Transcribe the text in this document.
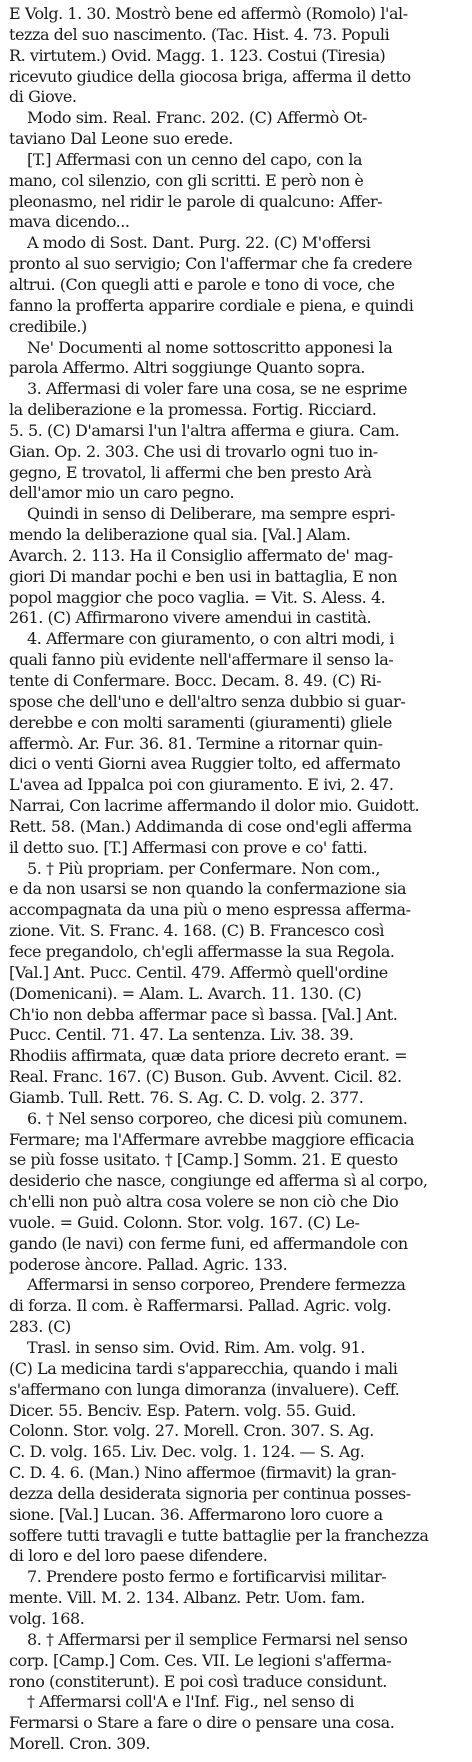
E Volg. 1. 30. Mostrò bene ed affermò (Romolo) l'al-
tezza del suo nascimento. (Tac. Hist. 4. 73. Populi
R. virtutem.) Ovid. Magg. 1. 123. Costui (Tiresia)
ricevuto giudice della giocosa briga, afferma il detto
di Giove.
Modo sim. Real. Franc. 202. (C) Affermò Ot-
taviano Dal Leone suo erede.
[T.] Affermasi con un cenno del capo, con la
mano, col silenzio, con gli scritti. E però non è
pleonasmo, nel ridir le parole di qualcuno: Affer-
mava dicendo...
A modo di Sost. Dant. Purg. 22. (C) M'offersi
pronto al suo servigio; Con l'affermar che fa credere
altrui. (Con quegli atti e parole e tono di voce, che
fanno la profferta apparire cordiale e piena, e quindi
credibile.)
Ne' Documenti al nome sottoscritto apponesi la
parola Affermo. Altri soggiunge Quanto sopra.
3. Affermasi di voler fare una cosa, se ne esprime
la deliberazione e la promessa. Fortig. Ricciard.
5. 5. (C) D'amarsi l'un l'altra afferma e giura. Cam.
Gian. Op. 2. 303. Che usi di trovarlo ogni tuo in-
gegno, E trovatol, li affermi che ben presto Arà
dell'amor mio un caro pegno.
Quindi in senso di Deliberare, ma sempre espri-
mendo la deliberazione qual sia. [Val.] Alam.
Avarch. 2. 113. Ha il Consiglio affermato de' mag-
giori Di mandar pochi e ben usi in battaglia, E non
popol maggior che poco vaglia. = Vit. S. Aless. 4.
261. (C) Affirmarono vivere amendui in castità.
4. Affermare con giuramento, o con altri modi, i
quali fanno più evidente nell'affermare il senso la-
tente di Confermare. Bocc. Decam. 8. 49. (C) Ri-
spose che dell'uno e dell'altro senza dubbio si guar-
derebbe e con molti saramenti (giuramenti) gliele
affermò. Ar. Fur. 36. 81. Termine a ritornar quin-
dici o venti Giorni avea Ruggier tolto, ed affermato
L'avea ad Ippalca poi con giuramento. E ivi, 2. 47.
Narrai, Con lacrime affermando il dolor mio. Guidott.
Rett. 58. (Man.) Addimanda di cose ond'egli afferma
il detto suo. [T.] Affermasi con prove e co' fatti.
5. † Più propriam. per Confermare. Non com.,
e da non usarsi se non quando la confermazione sia
accompagnata da una più o meno espressa afferma-
zione. Vit. S. Franc. 4. 168. (C) B. Francesco così
fece pregandolo, ch'egli affermasse la sua Regola.
[Val.] Ant. Pucc. Centil. 479. Affermò quell'ordine
(Domenicani). = Alam. L. Avarch. 11. 130. (C)
Ch'io non debba affermar pace sì bassa. [Val.] Ant.
Pucc. Centil. 71. 47. La sentenza. Liv. 38. 39.
Rhodiis affirmata, quæ data priore decreto erant. =
Real. Franc. 167. (C) Buson. Gub. Avvent. Cicil. 82.
Giamb. Tull. Rett. 76. S. Ag. C. D. volg. 2. 377.
6. † Nel senso corporeo, che dicesi più comunem.
Fermare; ma l'Affermare avrebbe maggiore efficacia
se più fosse usitato. † [Camp.] Somm. 21. E questo
desiderio che nasce, congiunge ed afferma sì al corpo,
ch'elli non può altra cosa volere se non ciò che Dio
vuole. = Guid. Colonn. Stor. volg. 167. (C) Le-
gando (le navi) con ferme funi, ed affermandole con
poderose àncore. Pallad. Agric. 133.
Affermarsi in senso corporeo, Prendere fermezza
di forza. Il com. è Raffermarsi. Pallad. Agric. volg.
283. (C)
Trasl. in senso sim. Ovid. Rim. Am. volg. 91.
(C) La medicina tardi s'apparecchia, quando i mali
s'affermano con lunga dimoranza (invaluere). Ceff.
Dicer. 55. Benciv. Esp. Patern. volg. 55. Guid.
Colonn. Stor. volg. 27. Morell. Cron. 307. S. Ag.
C. D. volg. 165. Liv. Dec. volg. 1. 124. — S. Ag.
C. D. 4. 6. (Man.) Nino affermoe (firmavit) la gran-
dezza della desiderata signoria per continua posses-
sione. [Val.] Lucan. 36. Affermarono loro cuore a
soffere tutti travagli e tutte battaglie per la franchezza
di loro e del loro paese difendere.
7. Prendere posto fermo e fortificarvisi militar-
mente. Vill. M. 2. 134. Albanz. Petr. Uom. fam.
volg. 168.
8. † Affermarsi per il semplice Fermarsi nel senso
corp. [Camp.] Com. Ces. VII. Le legioni s'afferma-
rono (constiterunt). E poi così traduce considunt.
† Affermarsi coll'A e l'Inf. Fig., nel senso di
Fermarsi o Stare a fare o dire o pensare una cosa.
Morell. Cron. 309.
